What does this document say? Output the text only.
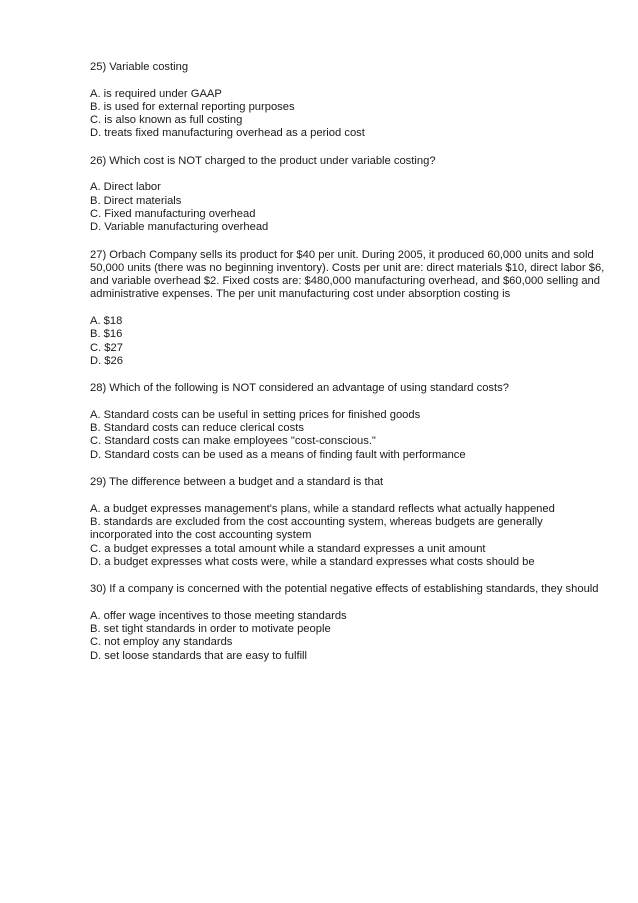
25) Variable costing

A. is required under GAAP

B. is used for external reporting purposes

C. is also known as full costing

D. treats fixed manufacturing overhead as a period cost

26) Which cost is NOT charged to the product under variable costing?

A. Direct labor

B. Direct materials

C. Fixed manufacturing overhead

D. Variable manufacturing overhead

27) Orbach Company sells its product for $40 per unit. During 2005, it produced 60,000 units and sold 50,000 units (there was no beginning inventory). Costs per unit are: direct materials $10, direct labor $6, and variable overhead $2. Fixed costs are: $480,000 manufacturing overhead, and $60,000 selling and administrative expenses. The per unit manufacturing cost under absorption costing is

A. $18

B. $16

C. $27

D. $26

28) Which of the following is NOT considered an advantage of using standard costs?

A. Standard costs can be useful in setting prices for finished goods

B. Standard costs can reduce clerical costs

C. Standard costs can make employees "cost-conscious."

D. Standard costs can be used as a means of finding fault with performance

29) The difference between a budget and a standard is that

A. a budget expresses management's plans, while a standard reflects what actually happened

B. standards are excluded from the cost accounting system, whereas budgets are generally incorporated into the cost accounting system

C. a budget expresses a total amount while a standard expresses a unit amount

D. a budget expresses what costs were, while a standard expresses what costs should be

30) If a company is concerned with the potential negative effects of establishing standards, they should

A. offer wage incentives to those meeting standards

B. set tight standards in order to motivate people

C. not employ any standards

D. set loose standards that are easy to fulfill
